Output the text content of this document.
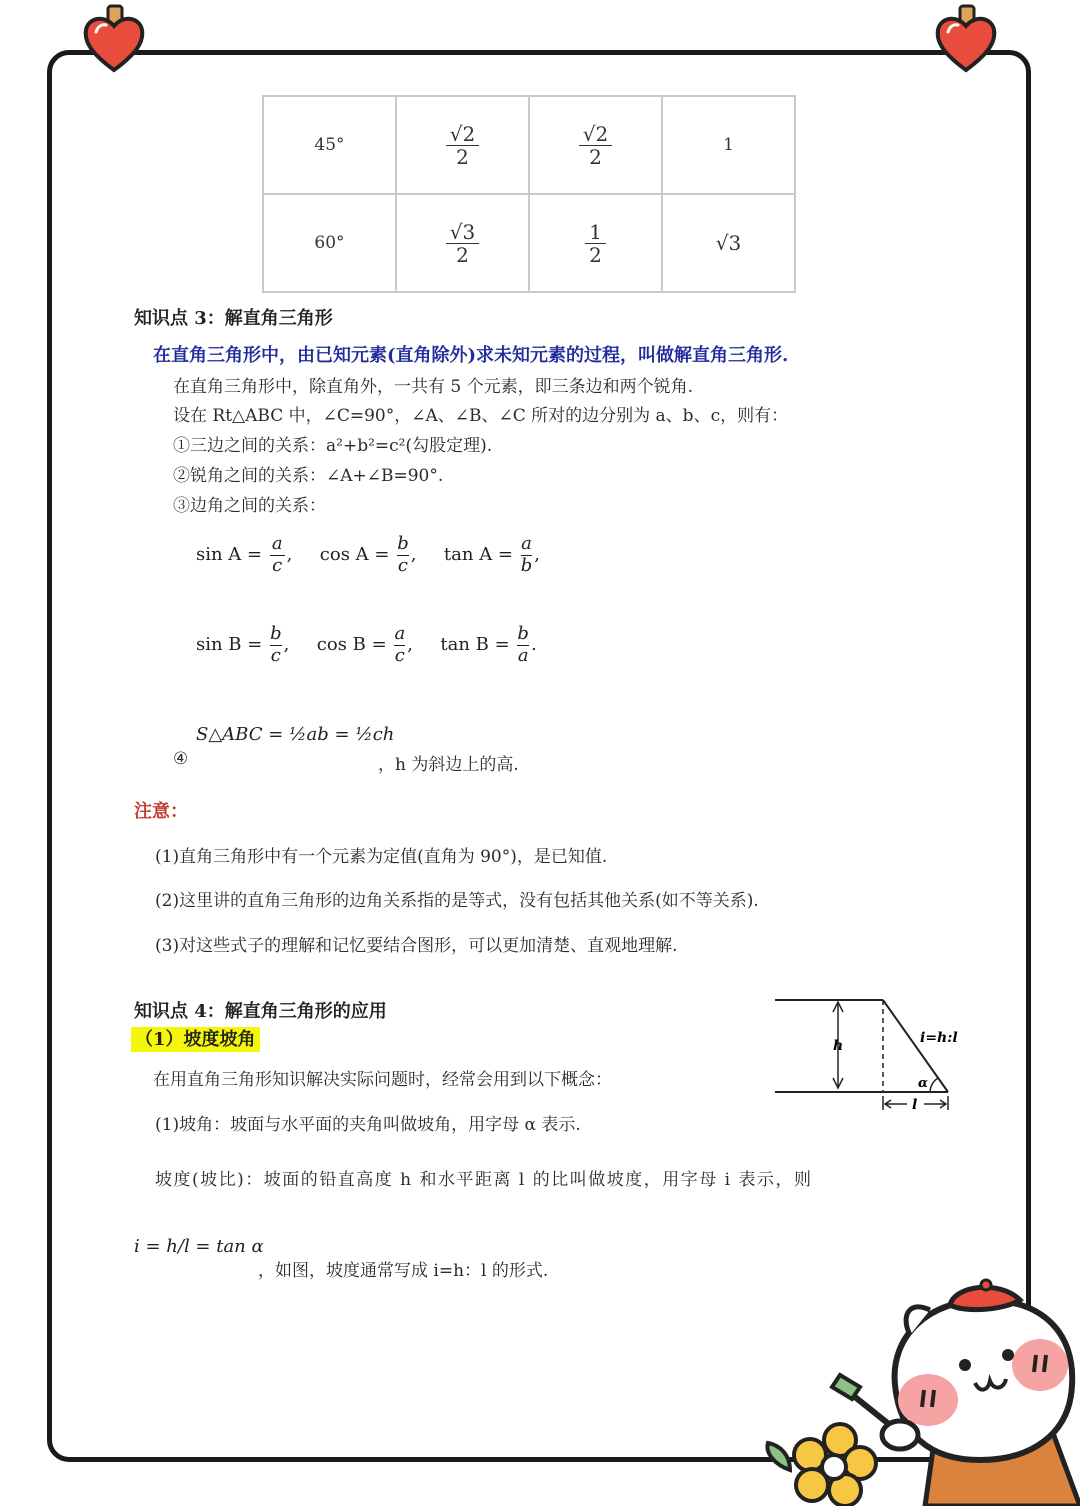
45°	$\frac{√2}{2}$	$\frac{√2}{2}$	1
60°	$\frac{√3}{2}$	$\frac{1}{2}$	√3
知识点 3：解直角三角形
在直角三角形中，由已知元素(直角除外)求未知元素的过程，叫做解直角三角形.
在直角三角形中，除直角外，一共有 5 个元素，即三条边和两个锐角.
设在 Rt△ABC 中，∠C=90°，∠A、∠B、∠C 所对的边分别为 a、b、c，则有：
①三边之间的关系：a²+b²=c²(勾股定理).
②锐角之间的关系：∠A+∠B=90°.
③边角之间的关系：
$\sin A = \frac{a}{c}$ ,  $\cos A = \frac{b}{c}$ ,  $\tan A = \frac{a}{b}$ ,
$\sin B = \frac{b}{c}$ ,  $\cos B = \frac{a}{c}$ ,  $\tan B = \frac{b}{a}$ .
④
S△ABC = ½ab = ½ch
，h 为斜边上的高.
注意：
(1)直角三角形中有一个元素为定值(直角为 90°)，是已知值.
(2)这里讲的直角三角形的边角关系指的是等式，没有包括其他关系(如不等关系).
(3)对这些式子的理解和记忆要结合图形，可以更加清楚、直观地理解.
知识点 4：解直角三角形的应用
（1）坡度坡角
在用直角三角形知识解决实际问题时，经常会用到以下概念：
(1)坡角：坡面与水平面的夹角叫做坡角，用字母 α 表示.
坡度(坡比)：坡面的铅直高度 h 和水平距离 l 的比叫做坡度，用字母 i 表示，则
i = h/l = tan α
，如图，坡度通常写成 i=h：l 的形式.
h	i=h:l
α
l
